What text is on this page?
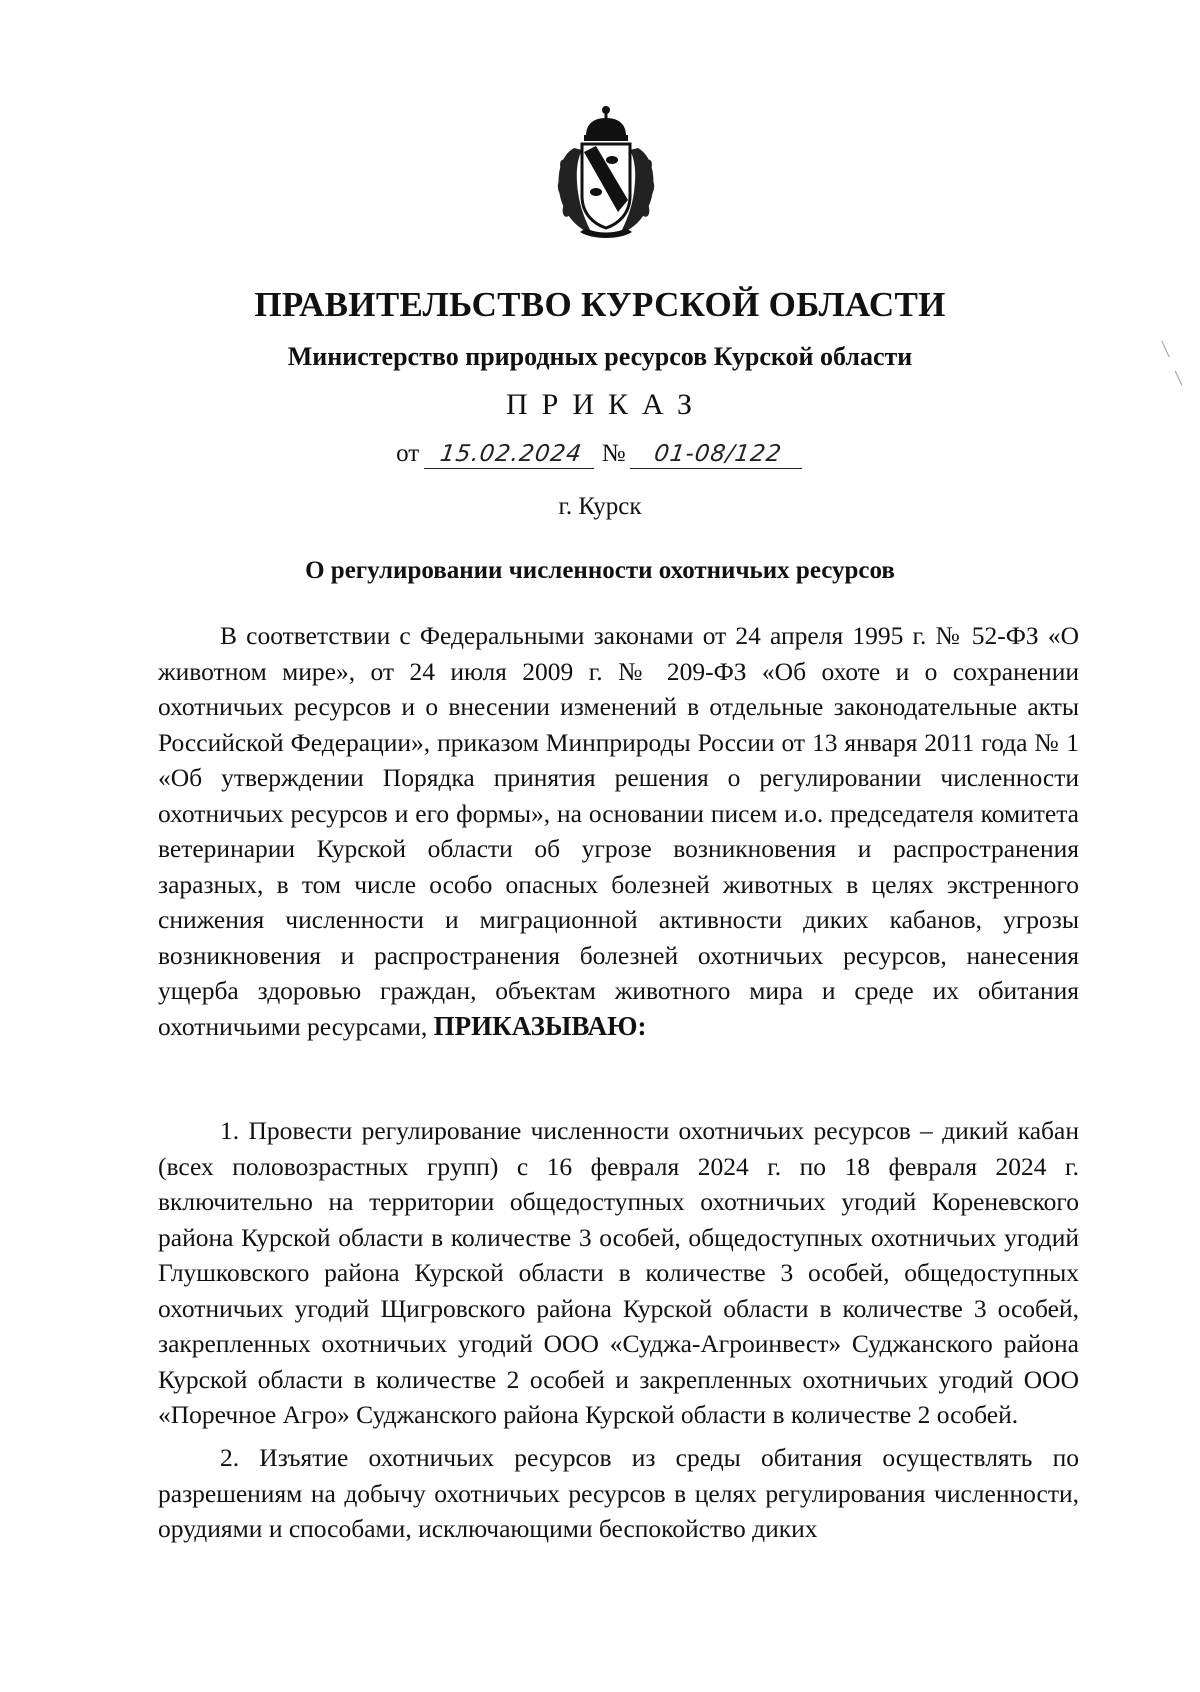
ПРАВИТЕЛЬСТВО КУРСКОЙ ОБЛАСТИ
Министерство природных ресурсов Курской области
ПРИКАЗ
от 15.02.2024 № 01-08/122
г. Курск
О регулировании численности охотничьих ресурсов

В соответствии с Федеральными законами от 24 апреля 1995 г. № 52-ФЗ «О животном мире», от 24 июля 2009 г. № 209-ФЗ «Об охоте и о сохранении охотничьих ресурсов и о внесении изменений в отдельные законодательные акты Российской Федерации», приказом Минприроды России от 13 января 2011 года № 1 «Об утверждении Порядка принятия решения о регулировании численности охотничьих ресурсов и его формы», на основании писем и.о. председателя комитета ветеринарии Курской области об угрозе возникновения и распространения заразных, в том числе особо опасных болезней животных в целях экстренного снижения численности и миграционной активности диких кабанов, угрозы возникновения и распространения болезней охотничьих ресурсов, нанесения ущерба здоровью граждан, объектам животного мира и среде их обитания охотничьими ресурсами, ПРИКАЗЫВАЮ:

1. Провести регулирование численности охотничьих ресурсов – дикий кабан (всех половозрастных групп) с 16 февраля 2024 г. по 18 февраля 2024 г. включительно на территории общедоступных охотничьих угодий Кореневского района Курской области в количестве 3 особей, общедоступных охотничьих угодий Глушковского района Курской области в количестве 3 особей, общедоступных охотничьих угодий Щигровского района Курской области в количестве 3 особей, закрепленных охотничьих угодий ООО «Суджа-Агроинвест» Суджанского района Курской области в количестве 2 особей и закрепленных охотничьих угодий ООО «Поречное Агро» Суджанского района Курской области в количестве 2 особей.

2. Изъятие охотничьих ресурсов из среды обитания осуществлять по разрешениям на добычу охотничьих ресурсов в целях регулирования численности, орудиями и способами, исключающими беспокойство диких
